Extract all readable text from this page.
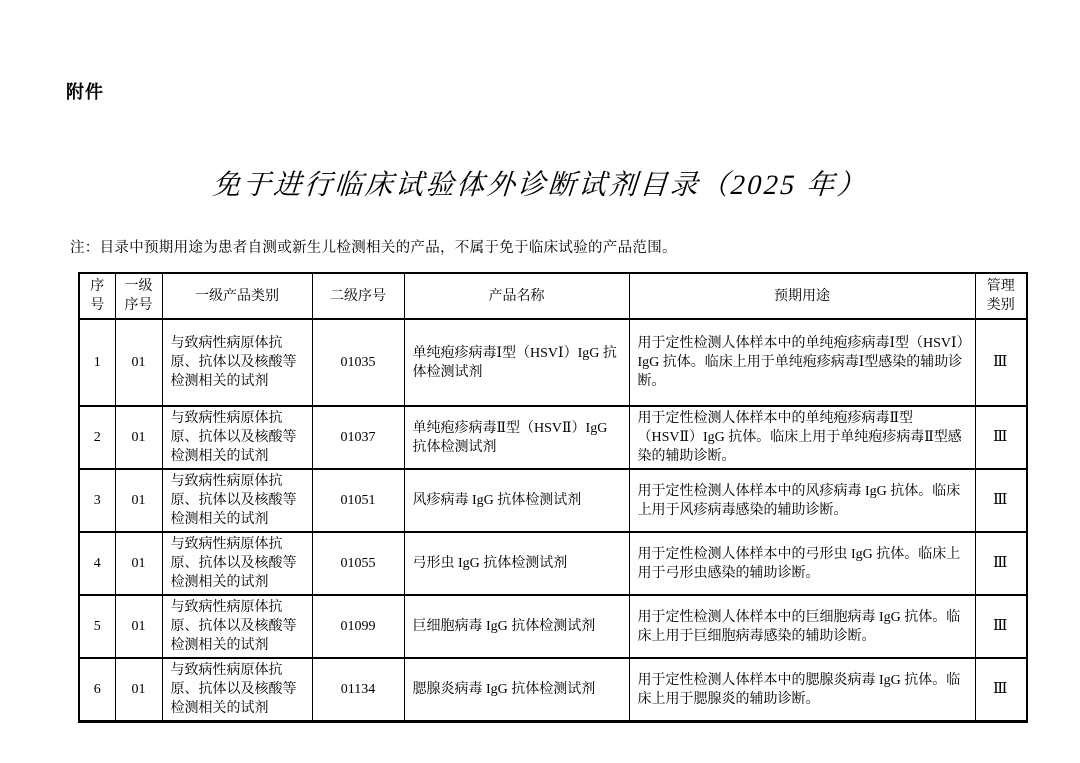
附件
免于进行临床试验体外诊断试剂目录（2025 年）
注：目录中预期用途为患者自测或新生儿检测相关的产品，不属于免于临床试验的产品范围。
序号	一级序号	一级产品类别	二级序号	产品名称	预期用途	管理类别
1	01	与致病性病原体抗原、抗体以及核酸等检测相关的试剂	01035	单纯疱疹病毒Ⅰ型（HSVⅠ）IgG 抗体检测试剂	用于定性检测人体样本中的单纯疱疹病毒Ⅰ型（HSVⅠ）IgG 抗体。临床上用于单纯疱疹病毒Ⅰ型感染的辅助诊断。	Ⅲ
2	01	与致病性病原体抗原、抗体以及核酸等检测相关的试剂	01037	单纯疱疹病毒Ⅱ型（HSVⅡ）IgG 抗体检测试剂	用于定性检测人体样本中的单纯疱疹病毒Ⅱ型（HSVⅡ）IgG 抗体。临床上用于单纯疱疹病毒Ⅱ型感染的辅助诊断。	Ⅲ
3	01	与致病性病原体抗原、抗体以及核酸等检测相关的试剂	01051	风疹病毒 IgG 抗体检测试剂	用于定性检测人体样本中的风疹病毒 IgG 抗体。临床上用于风疹病毒感染的辅助诊断。	Ⅲ
4	01	与致病性病原体抗原、抗体以及核酸等检测相关的试剂	01055	弓形虫 IgG 抗体检测试剂	用于定性检测人体样本中的弓形虫 IgG 抗体。临床上用于弓形虫感染的辅助诊断。	Ⅲ
5	01	与致病性病原体抗原、抗体以及核酸等检测相关的试剂	01099	巨细胞病毒 IgG 抗体检测试剂	用于定性检测人体样本中的巨细胞病毒 IgG 抗体。临床上用于巨细胞病毒感染的辅助诊断。	Ⅲ
6	01	与致病性病原体抗原、抗体以及核酸等检测相关的试剂	01134	腮腺炎病毒 IgG 抗体检测试剂	用于定性检测人体样本中的腮腺炎病毒 IgG 抗体。临床上用于腮腺炎的辅助诊断。	Ⅲ
